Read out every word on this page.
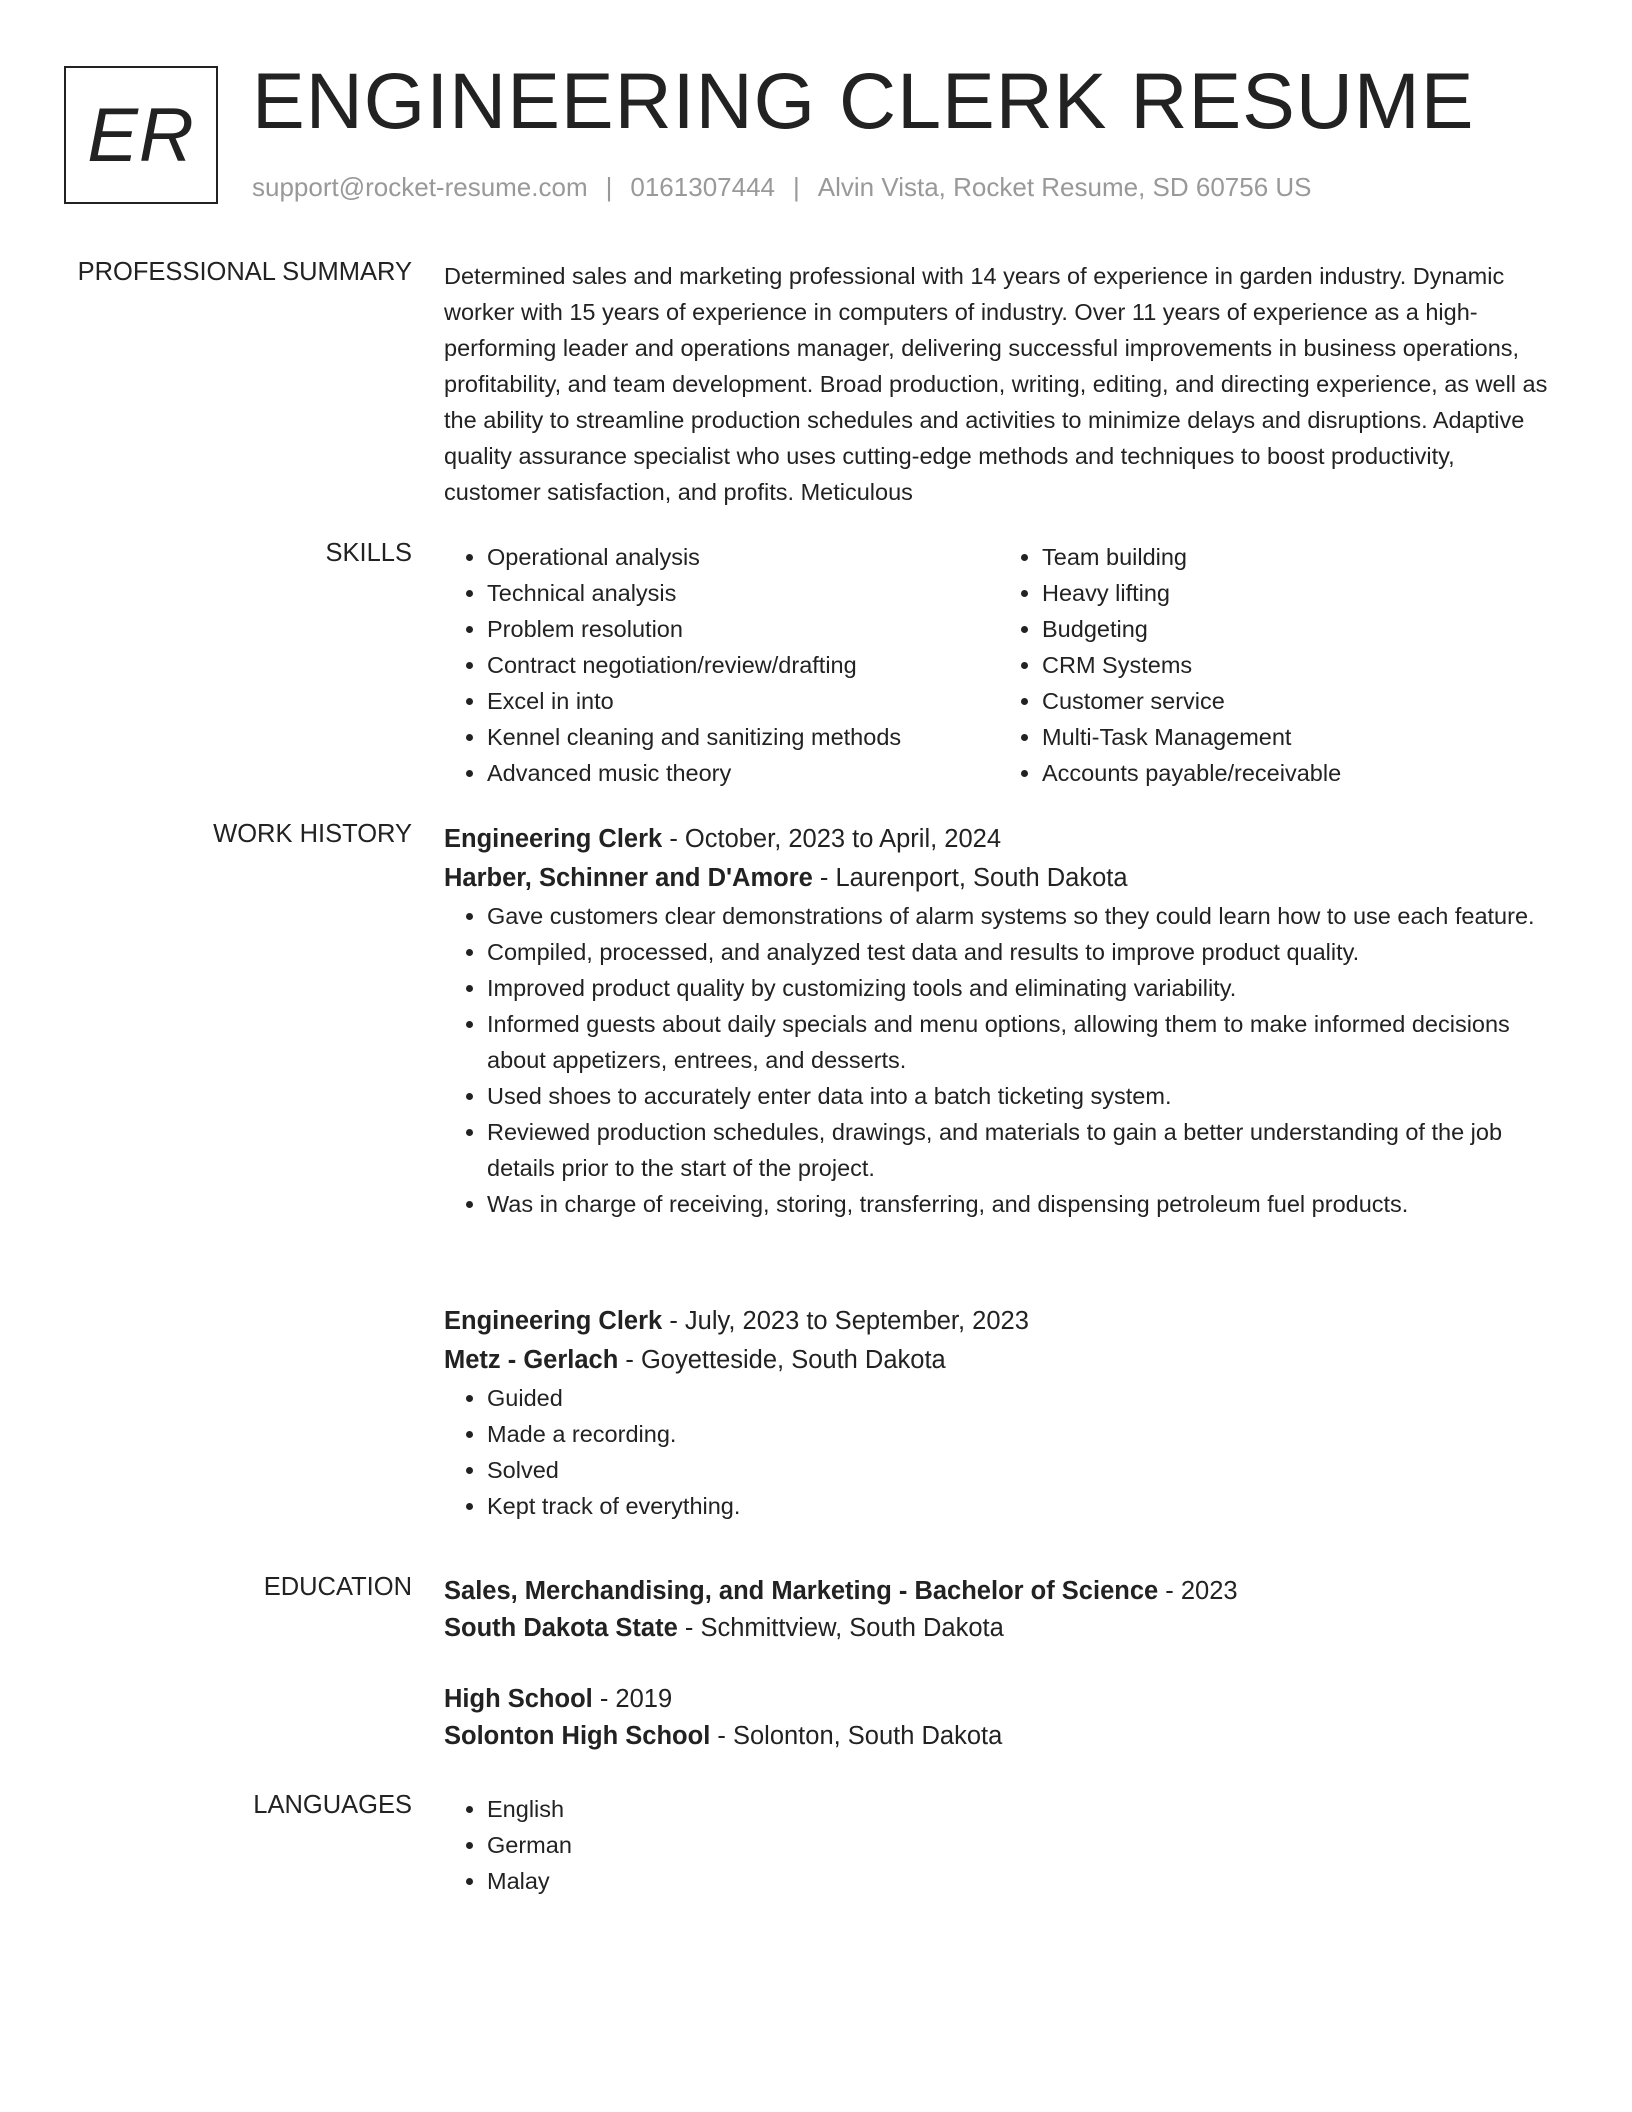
ER ENGINEERING CLERK RESUME
support@rocket-resume.com | 0161307444 | Alvin Vista, Rocket Resume, SD 60756 US
PROFESSIONAL SUMMARY Determined sales and marketing professional with 14 years of experience in garden industry. Dynamic worker with 15 years of experience in computers of industry. Over 11 years of experience as a high-performing leader and operations manager, delivering successful improvements in business operations, profitability, and team development. Broad production, writing, editing, and directing experience, as well as the ability to streamline production schedules and activities to minimize delays and disruptions. Adaptive quality assurance specialist who uses cutting-edge methods and techniques to boost productivity, customer satisfaction, and profits. Meticulous

SKILLS	• Operational analysis
• Technical analysis
• Problem resolution
• Contract negotiation/review/drafting
• Excel in into
• Kennel cleaning and sanitizing methods
• Advanced music theory
• Team building
• Heavy lifting
• Budgeting
• CRM Systems
• Customer service
• Multi-Task Management
• Accounts payable/receivable
WORK HISTORY Engineering Clerk - October, 2023 to April, 2024
Harber, Schinner and D'Amore - Laurenport, South Dakota
• Gave customers clear demonstrations of alarm systems so they could learn how to use each feature.
• Compiled, processed, and analyzed test data and results to improve product quality.
• Improved product quality by customizing tools and eliminating variability.
• Informed guests about daily specials and menu options, allowing them to make informed decisions about appetizers, entrees, and desserts.
• Used shoes to accurately enter data into a batch ticketing system.
• Reviewed production schedules, drawings, and materials to gain a better understanding of the job details prior to the start of the project.
• Was in charge of receiving, storing, transferring, and dispensing petroleum fuel products.
Engineering Clerk - July, 2023 to September, 2023
Metz - Gerlach - Goyetteside, South Dakota
• Guided
• Made a recording.
• Solved
• Kept track of everything.
EDUCATION Sales, Merchandising, and Marketing - Bachelor of Science - 2023
South Dakota State - Schmittview, South Dakota
High School - 2019
Solonton High School - Solonton, South Dakota
LANGUAGES	• English
• German
• Malay
